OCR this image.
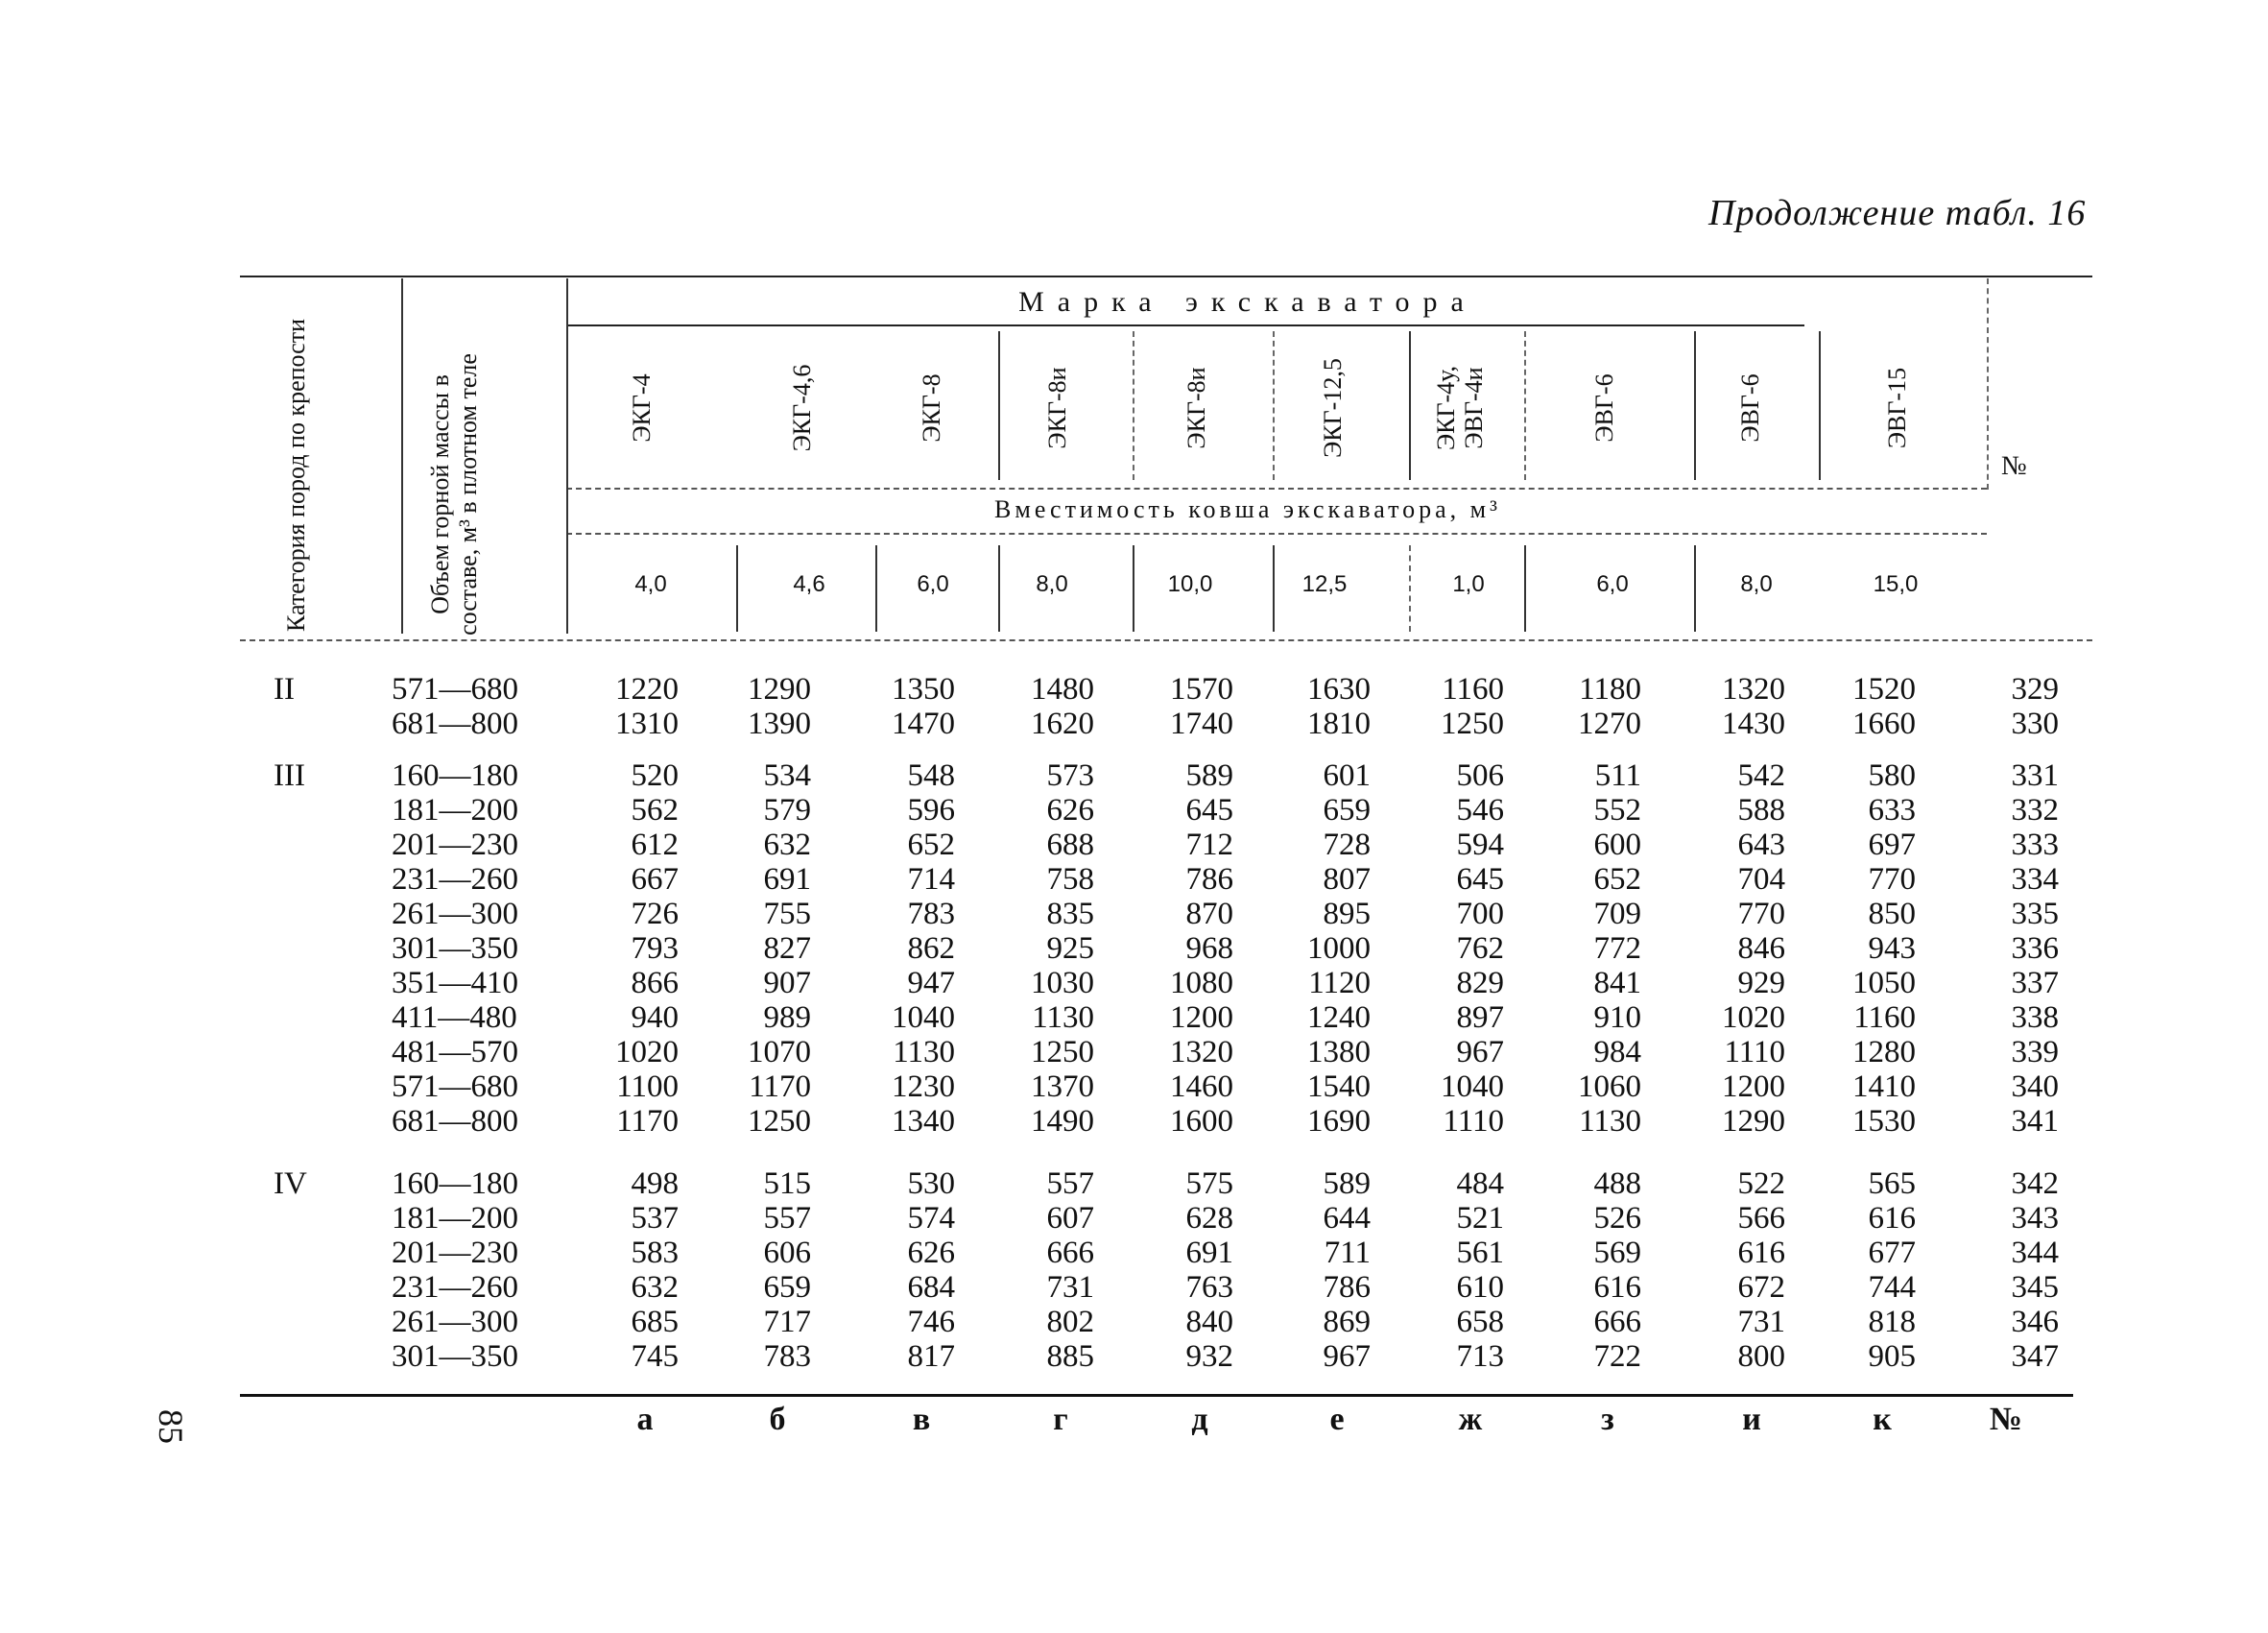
Продолжение табл. 16
Категория пород по крепости	Объем горной массы в составе, м³ в плотном теле
Марка экскаватора
ЭКГ-4	ЭКГ-4,6	ЭКГ-8	ЭКГ-8и	ЭКГ-8и	ЭКГ-12,5	ЭКГ-4у, ЭВГ-4и	ЭВГ-6	ЭВГ-6	ЭВГ-15
Вместимость ковша экскаватора, м³
4,0	4,6	6,0	8,0	10,0	12,5	1,0	6,0	8,0	15,0
№
II	571—680	1220	1290	1350	1480	1570	1630	1160	1180	1320	1520	329
681—800	1310	1390	1470	1620	1740	1810	1250	1270	1430	1660	330
III	160—180	520	534	548	573	589	601	506	511	542	580	331
181—200	562	579	596	626	645	659	546	552	588	633	332
201—230	612	632	652	688	712	728	594	600	643	697	333
231—260	667	691	714	758	786	807	645	652	704	770	334
261—300	726	755	783	835	870	895	700	709	770	850	335
301—350	793	827	862	925	968	1000	762	772	846	943	336
351—410	866	907	947	1030	1080	1120	829	841	929	1050	337
411—480	940	989	1040	1130	1200	1240	897	910	1020	1160	338
481—570	1020	1070	1130	1250	1320	1380	967	984	1110	1280	339
571—680	1100	1170	1230	1370	1460	1540	1040	1060	1200	1410	340
681—800	1170	1250	1340	1490	1600	1690	1110	1130	1290	1530	341
IV	160—180	498	515	530	557	575	589	484	488	522	565	342
181—200	537	557	574	607	628	644	521	526	566	616	343
201—230	583	606	626	666	691	711	561	569	616	677	344
231—260	632	659	684	731	763	786	610	616	672	744	345
261—300	685	717	746	802	840	869	658	666	731	818	346
301—350	745	783	817	885	932	967	713	722	800	905	347
а	б	в	г	д	е	ж	з	и	к	№
85
